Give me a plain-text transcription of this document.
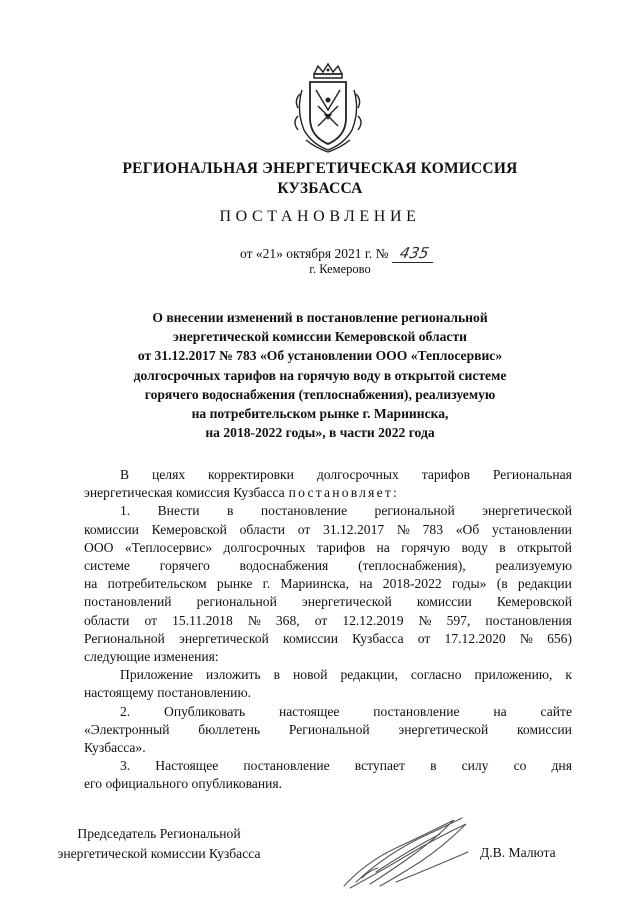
РЕГИОНАЛЬНАЯ ЭНЕРГЕТИЧЕСКАЯ КОМИССИЯ
КУЗБАССА
ПОСТАНОВЛЕНИЕ
от «21» октября 2021 г. № 435
г. Кемерово
О внесении изменений в постановление региональной
энергетической комиссии Кемеровской области
от 31.12.2017 № 783 «Об установлении ООО «Теплосервис»
долгосрочных тарифов на горячую воду в открытой системе
горячего водоснабжения (теплоснабжения), реализуемую
на потребительском рынке г. Мариинска,
на 2018-2022 годы», в части 2022 года
В целях корректировки долгосрочных тарифов Региональная
энергетическая комиссия Кузбасса постановляет:
1. Внести в постановление региональной энергетической
комиссии Кемеровской области от 31.12.2017 № 783 «Об установлении
ООО «Теплосервис» долгосрочных тарифов на горячую воду в открытой
системе горячего водоснабжения (теплоснабжения), реализуемую
на потребительском рынке г. Мариинска, на 2018-2022 годы» (в редакции
постановлений региональной энергетической комиссии Кемеровской
области от 15.11.2018 № 368, от 12.12.2019 № 597, постановления
Региональной энергетической комиссии Кузбасса от 17.12.2020 № 656)
следующие изменения:
Приложение изложить в новой редакции, согласно приложению, к
настоящему постановлению.
2. Опубликовать настоящее постановление на сайте
«Электронный бюллетень Региональной энергетической комиссии
Кузбасса».
3. Настоящее постановление вступает в силу со дня
его официального опубликования.
Председатель Региональной
энергетической комиссии Кузбасса	Д.В. Малюта
